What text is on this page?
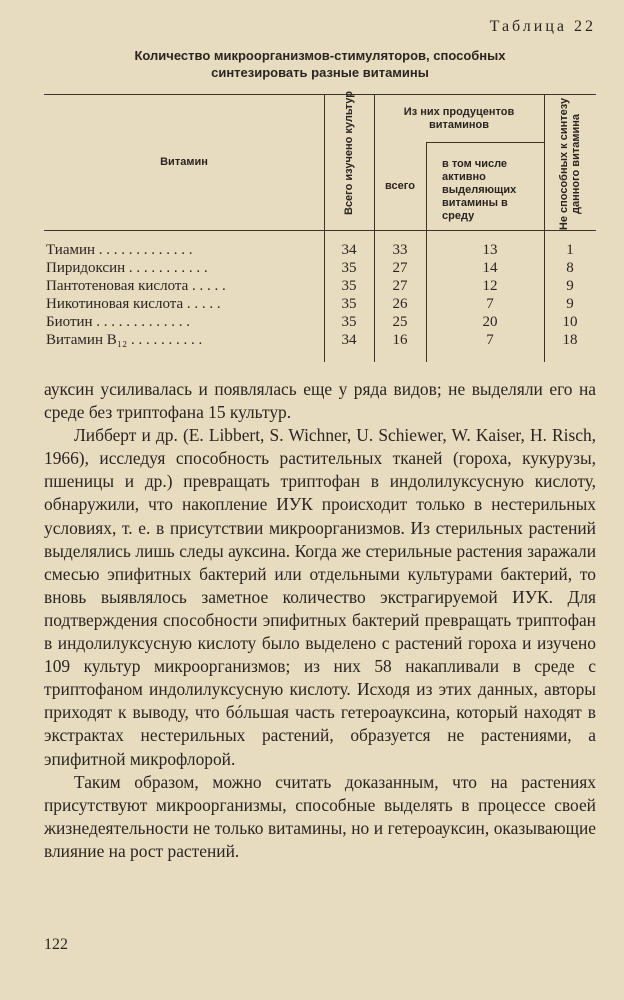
Таблица 22
Количество микроорганизмов-стимуляторов, способных
синтезировать разные витамины
Витамин	Всего изучено культур	Из них продуцентов витаминов
всего
в том числе активно выделяющих витамины в среду	Не способных к синтезу данного витамина
Тиамин . . . . . . . . . . . . .	34	33	13	1
Пиридоксин . . . . . . . . . . .	35	27	14	8
Пантотеновая кислота . . . . .	35	27	12	9
Никотиновая кислота . . . . .	35	26	7	9
Биотин . . . . . . . . . . . . .	35	25	20	10
Витамин B₁₂ . . . . . . . . . .	34	16	7	18

ауксин усиливалась и появлялась еще у ряда видов; не выделяли его на среде без триптофана 15 культур.

Либберт и др. (E. Libbert, S. Wichner, U. Schiewer, W. Kaiser, H. Risch, 1966), исследуя способность растительных тканей (гороха, кукурузы, пшеницы и др.) превращать триптофан в индолилуксусную кислоту, обнаружили, что накопление ИУК происходит только в нестерильных условиях, т. е. в присутствии микроорганизмов. Из стерильных растений выделялись лишь следы ауксина. Когда же стерильные растения заражали смесью эпифитных бактерий или отдельными культурами бактерий, то вновь выявлялось заметное количество экстрагируемой ИУК. Для подтверждения способности эпифитных бактерий превращать триптофан в индолилуксусную кислоту было выделено с растений гороха и изучено 109 культур микроорганизмов; из них 58 накапливали в среде с триптофаном индолилуксусную кислоту. Исходя из этих данных, авторы приходят к выводу, что бóльшая часть гетероауксина, который находят в экстрактах нестерильных растений, образуется не растениями, а эпифитной микрофлорой.

Таким образом, можно считать доказанным, что на растениях присутствуют микроорганизмы, способные выделять в процессе своей жизнедеятельности не только витамины, но и гетероауксин, оказывающие влияние на рост растений.

122
